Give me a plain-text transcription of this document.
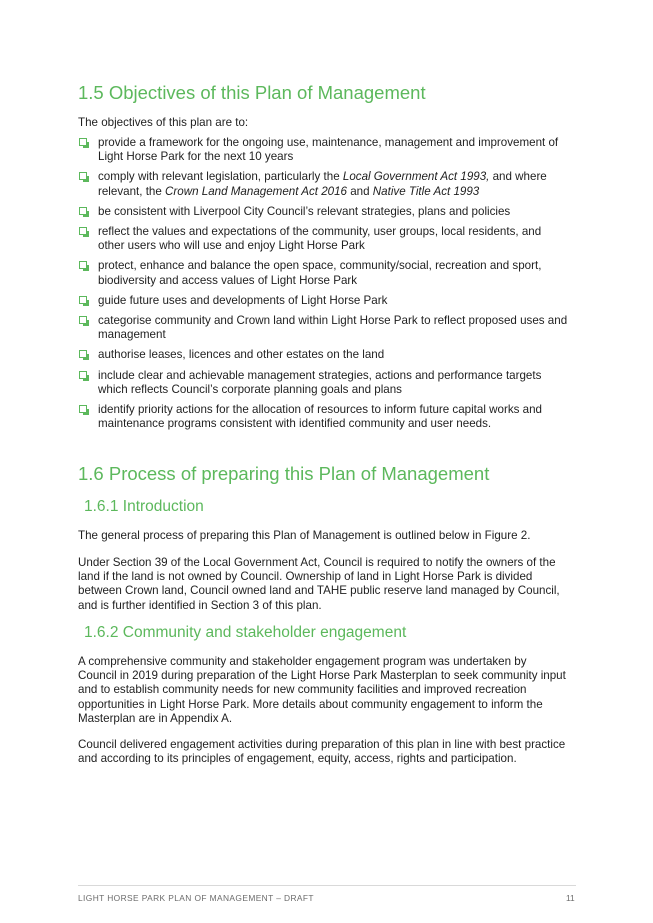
1.5 Objectives of this Plan of Management

The objectives of this plan are to:

provide a framework for the ongoing use, maintenance, management and improvement of Light Horse Park for the next 10 years
comply with relevant legislation, particularly the Local Government Act 1993, and where relevant, the Crown Land Management Act 2016 and Native Title Act 1993
be consistent with Liverpool City Council’s relevant strategies, plans and policies
reflect the values and expectations of the community, user groups, local residents, and other users who will use and enjoy Light Horse Park
protect, enhance and balance the open space, community/social, recreation and sport, biodiversity and access values of Light Horse Park
guide future uses and developments of Light Horse Park
categorise community and Crown land within Light Horse Park to reflect proposed uses and management
authorise leases, licences and other estates on the land
include clear and achievable management strategies, actions and performance targets which reflects Council’s corporate planning goals and plans
identify priority actions for the allocation of resources to inform future capital works and maintenance programs consistent with identified community and user needs.
1.6 Process of preparing this Plan of Management
1.6.1 Introduction

The general process of preparing this Plan of Management is outlined below in Figure 2.

Under Section 39 of the Local Government Act, Council is required to notify the owners of the land if the land is not owned by Council. Ownership of land in Light Horse Park is divided between Crown land, Council owned land and TAHE public reserve land managed by Council, and is further identified in Section 3 of this plan.

1.6.2 Community and stakeholder engagement

A comprehensive community and stakeholder engagement program was undertaken by Council in 2019 during preparation of the Light Horse Park Masterplan to seek community input and to establish community needs for new community facilities and improved recreation opportunities in Light Horse Park. More details about community engagement to inform the Masterplan are in Appendix A.

Council delivered engagement activities during preparation of this plan in line with best practice and according to its principles of engagement, equity, access, rights and participation.

LIGHT HORSE PARK PLAN OF MANAGEMENT – DRAFT	11
